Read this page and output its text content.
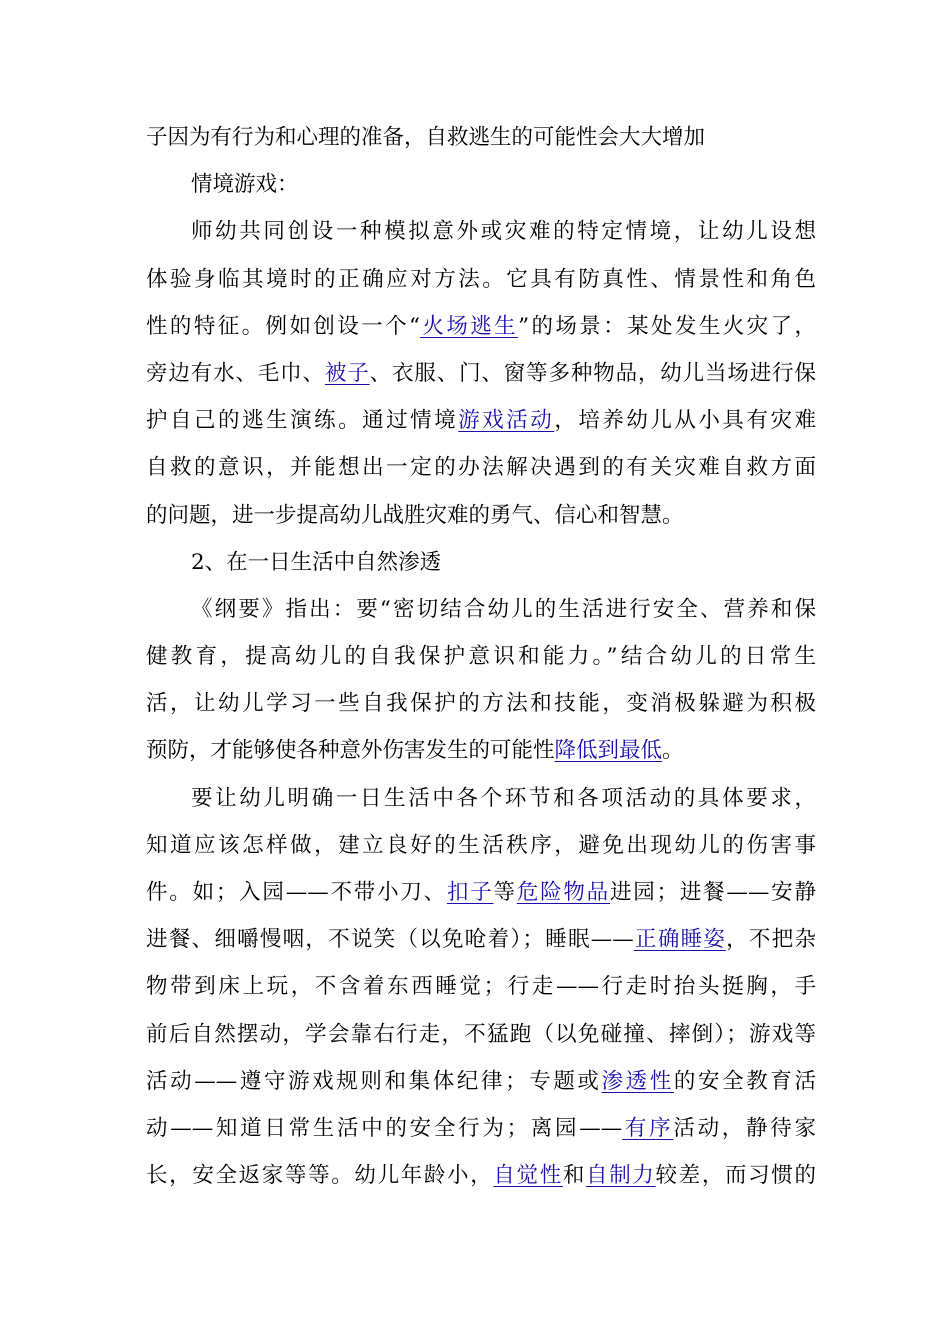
子因为有行为和心理的准备，自救逃生的可能性会大大增加
情境游戏：
师幼共同创设一种模拟意外或灾难的特定情境，让幼儿设想
体验身临其境时的正确应对方法。它具有防真性、情景性和角色
性的特征。例如创设一个“火场逃生”的场景：某处发生火灾了，
旁边有水、毛巾、被子、衣服、门、窗等多种物品，幼儿当场进行保
护自己的逃生演练。通过情境游戏活动，培养幼儿从小具有灾难
自救的意识，并能想出一定的办法解决遇到的有关灾难自救方面
的问题，进一步提高幼儿战胜灾难的勇气、信心和智慧。
2、在一日生活中自然渗透
《纲要》指出：要“密切结合幼儿的生活进行安全、营养和保
健教育，提高幼儿的自我保护意识和能力。”结合幼儿的日常生
活，让幼儿学习一些自我保护的方法和技能，变消极躲避为积极
预防，才能够使各种意外伤害发生的可能性降低到最低。
要让幼儿明确一日生活中各个环节和各项活动的具体要求，
知道应该怎样做，建立良好的生活秩序，避免出现幼儿的伤害事
件。如；入园——不带小刀、扣子等危险物品进园；进餐——安静
进餐、细嚼慢咽，不说笑（以免呛着）；睡眠——正确睡姿，不把杂
物带到床上玩，不含着东西睡觉；行走——行走时抬头挺胸，手
前后自然摆动，学会靠右行走，不猛跑（以免碰撞、摔倒）；游戏等
活动——遵守游戏规则和集体纪律；专题或渗透性的安全教育活
动——知道日常生活中的安全行为；离园——有序活动，静待家
长，安全返家等等。幼儿年龄小，自觉性和自制力较差，而习惯的
